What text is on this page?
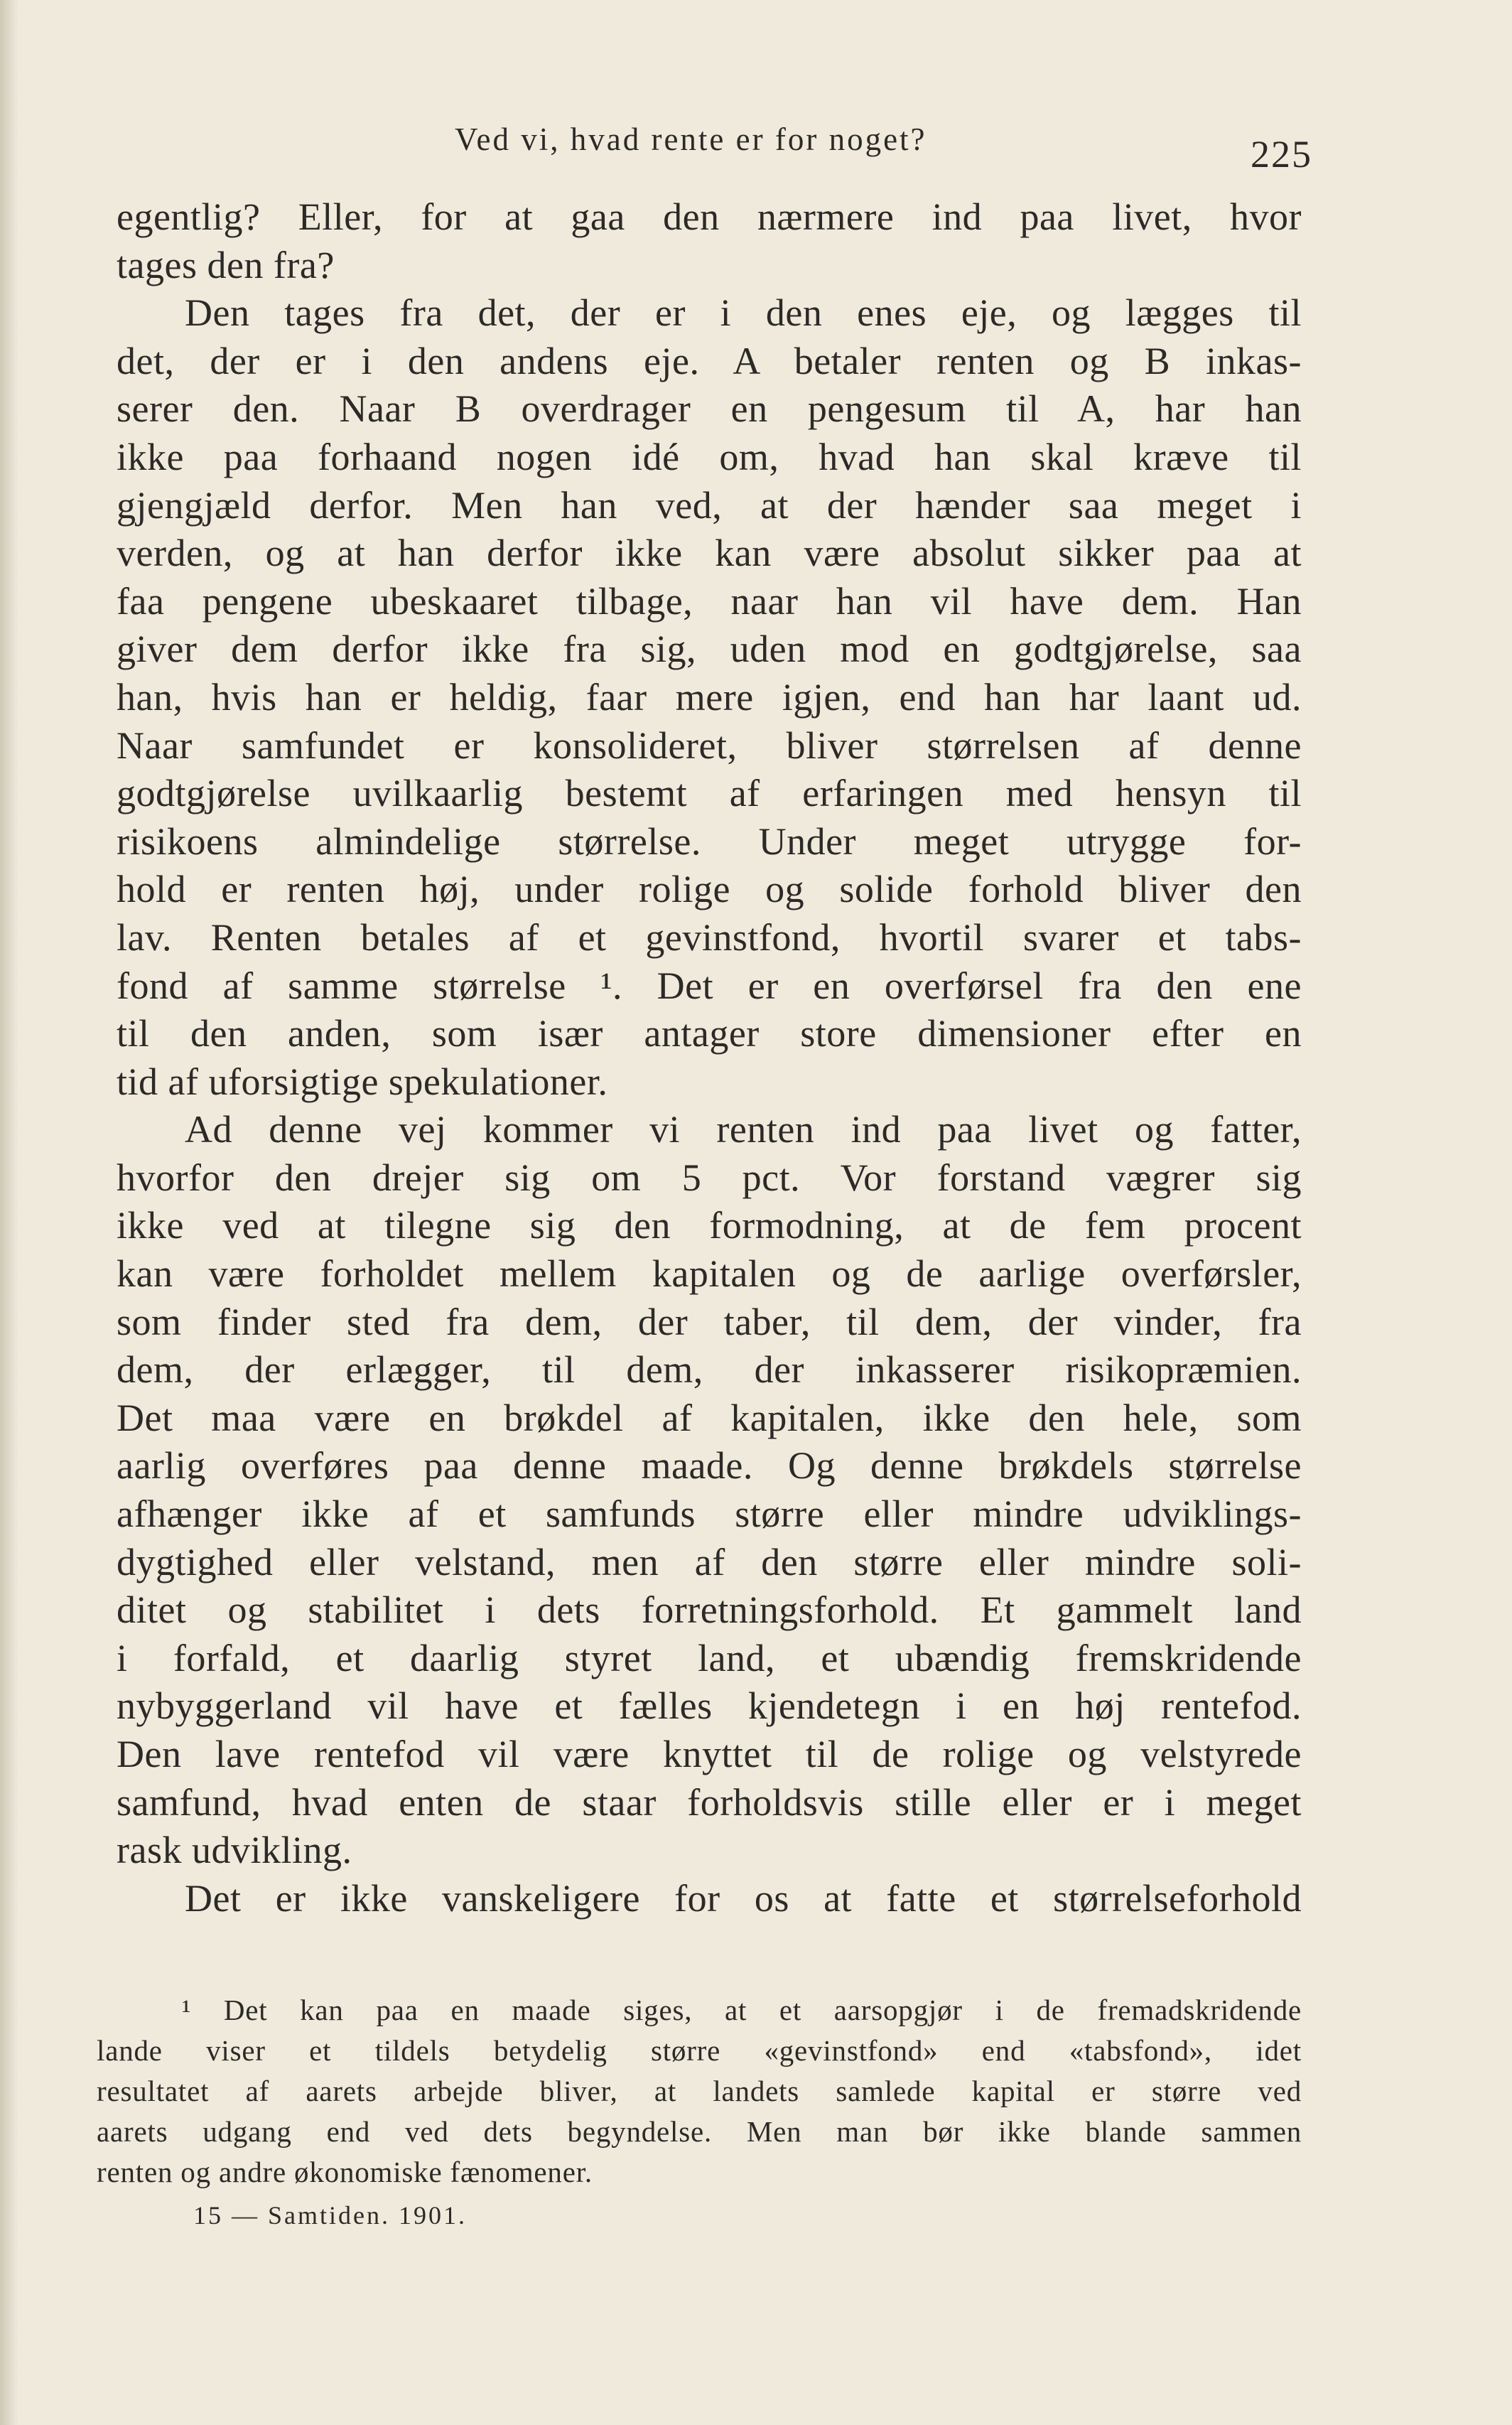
Ved vi, hvad rente er for noget?	225
egentlig? Eller, for at gaa den nærmere ind paa livet, hvor
tages den fra?
Den tages fra det, der er i den enes eje, og lægges til
det, der er i den andens eje. A betaler renten og B inkas-
serer den. Naar B overdrager en pengesum til A, har han
ikke paa forhaand nogen idé om, hvad han skal kræve til
gjengjæld derfor. Men han ved, at der hænder saa meget i
verden, og at han derfor ikke kan være absolut sikker paa at
faa pengene ubeskaaret tilbage, naar han vil have dem. Han
giver dem derfor ikke fra sig, uden mod en godtgjørelse, saa
han, hvis han er heldig, faar mere igjen, end han har laant ud.
Naar samfundet er konsolideret, bliver størrelsen af denne
godtgjørelse uvilkaarlig bestemt af erfaringen med hensyn til
risikoens almindelige størrelse. Under meget utrygge for-
hold er renten høj, under rolige og solide forhold bliver den
lav. Renten betales af et gevinstfond, hvortil svarer et tabs-
fond af samme størrelse ¹. Det er en overførsel fra den ene
til den anden, som især antager store dimensioner efter en
tid af uforsigtige spekulationer.
Ad denne vej kommer vi renten ind paa livet og fatter,
hvorfor den drejer sig om 5 pct. Vor forstand vægrer sig
ikke ved at tilegne sig den formodning, at de fem procent
kan være forholdet mellem kapitalen og de aarlige overførsler,
som finder sted fra dem, der taber, til dem, der vinder, fra
dem, der erlægger, til dem, der inkasserer risikopræmien.
Det maa være en brøkdel af kapitalen, ikke den hele, som
aarlig overføres paa denne maade. Og denne brøkdels størrelse
afhænger ikke af et samfunds større eller mindre udviklings-
dygtighed eller velstand, men af den større eller mindre soli-
ditet og stabilitet i dets forretningsforhold. Et gammelt land
i forfald, et daarlig styret land, et ubændig fremskridende
nybyggerland vil have et fælles kjendetegn i en høj rentefod.
Den lave rentefod vil være knyttet til de rolige og velstyrede
samfund, hvad enten de staar forholdsvis stille eller er i meget
rask udvikling.
Det er ikke vanskeligere for os at fatte et størrelseforhold
¹ Det kan paa en maade siges, at et aarsopgjør i de fremadskridende
lande viser et tildels betydelig større «gevinstfond» end «tabsfond», idet
resultatet af aarets arbejde bliver, at landets samlede kapital er større ved
aarets udgang end ved dets begyndelse. Men man bør ikke blande sammen
renten og andre økonomiske fænomener.
15 — Samtiden. 1901.
